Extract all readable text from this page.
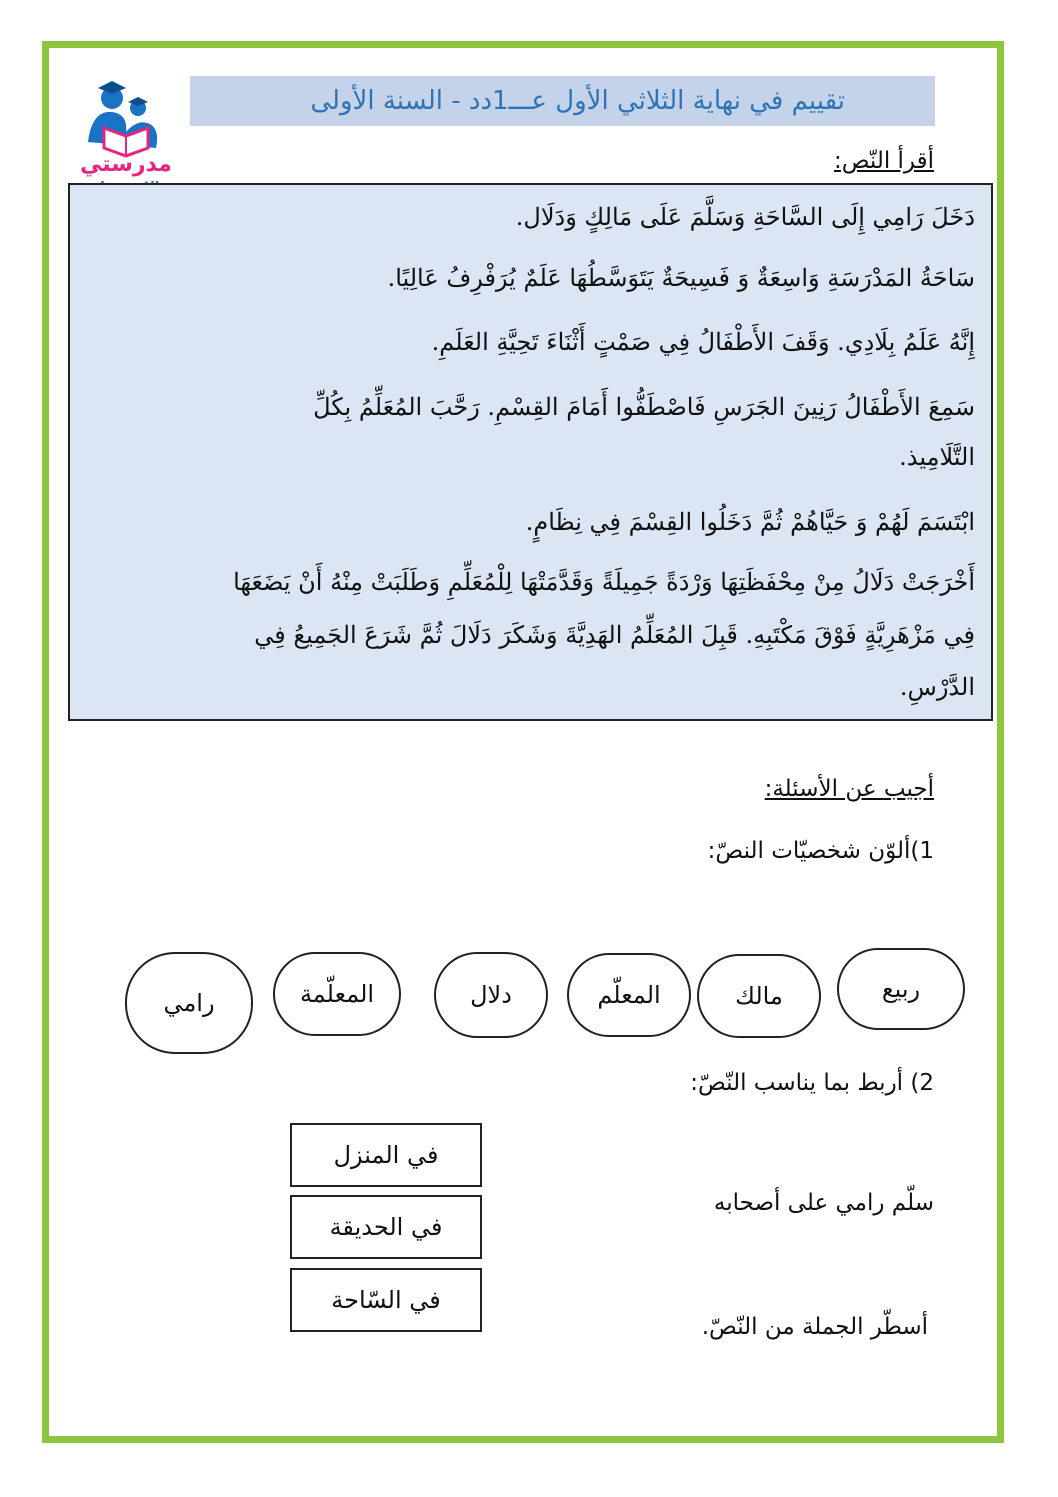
تقييم في نهاية الثلاثي الأول عـــ1دد - السنة الأولى
مدرستي	أقرأ النّص:

دَخَلَ رَامِي إِلَى السَّاحَةِ وَسَلَّمَ عَلَى مَالِكٍ وَدَلَال.

سَاحَةُ المَدْرَسَةِ وَاسِعَةٌ وَ فَسِيحَةٌ يَتَوَسَّطُهَا عَلَمٌ يُرَفْرِفُ عَالِيًا.

إِنَّهُ عَلَمُ بِلَادِي. وَقَفَ الأَطْفَالُ فِي صَمْتٍ أَثْنَاءَ تَحِيَّةِ العَلَمِ.

سَمِعَ الأَطْفَالُ رَنِينَ الجَرَسِ فَاصْطَفُّوا أَمَامَ القِسْمِ. رَحَّبَ المُعَلِّمُ بِكُلِّ

التَّلَامِيذ.

ابْتَسَمَ لَهُمْ وَ حَيَّاهُمْ ثُمَّ دَخَلُوا القِسْمَ فِي نِظَامٍ.

أَخْرَجَتْ دَلَالُ مِنْ مِحْفَظَتِهَا وَرْدَةً جَمِيلَةً وَقَدَّمَتْهَا لِلْمُعَلِّمِ وَطَلَبَتْ مِنْهُ أَنْ يَضَعَهَا

فِي مَزْهَرِيَّةٍ فَوْقَ مَكْتَبِهِ. قَبِلَ المُعَلِّمُ الهَدِيَّةَ وَشَكَرَ دَلَالَ ثُمَّ شَرَعَ الجَمِيعُ فِي

الدَّرْسِ.

أجيب عن الأسئلة:
1)ألوّن شخصيّات النصّ:
ربيع
مالك
المعلّم
دلال
المعلّمة
رامي
2) أربط بما يناسب النّصّ:
في المنزل
في الحديقة
في السّاحة
سلّم رامي على أصحابه
أسطّر الجملة من النّصّ.
